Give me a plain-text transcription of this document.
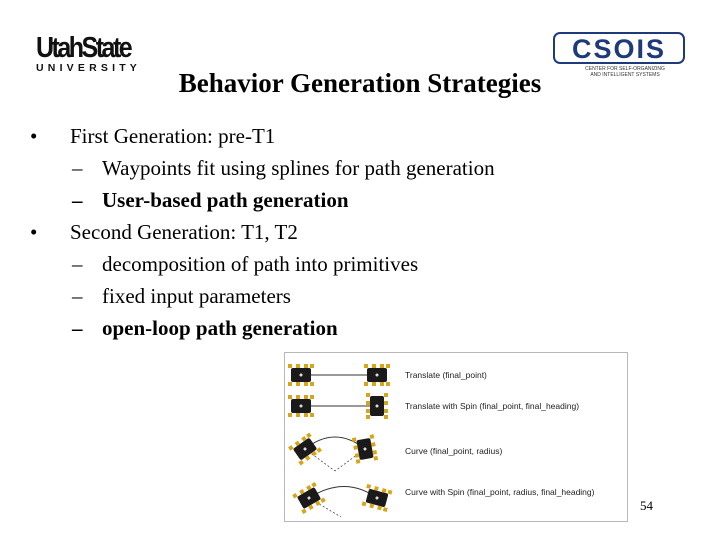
UtahState
UNIVERSITY
CSOIS
CENTER FOR SELF-ORGANIZING
AND INTELLIGENT SYSTEMS
Behavior Generation Strategies
• First Generation: pre-T1
– Waypoints fit using splines for path generation
– User-based path generation
• Second Generation: T1, T2
– decomposition of path into primitives
– fixed input parameters
– open-loop path generation
Translate (final_point)
Translate with Spin (final_point, final_heading)
Curve (final_point, radius)
Curve with Spin (final_point, radius, final_heading)
54
